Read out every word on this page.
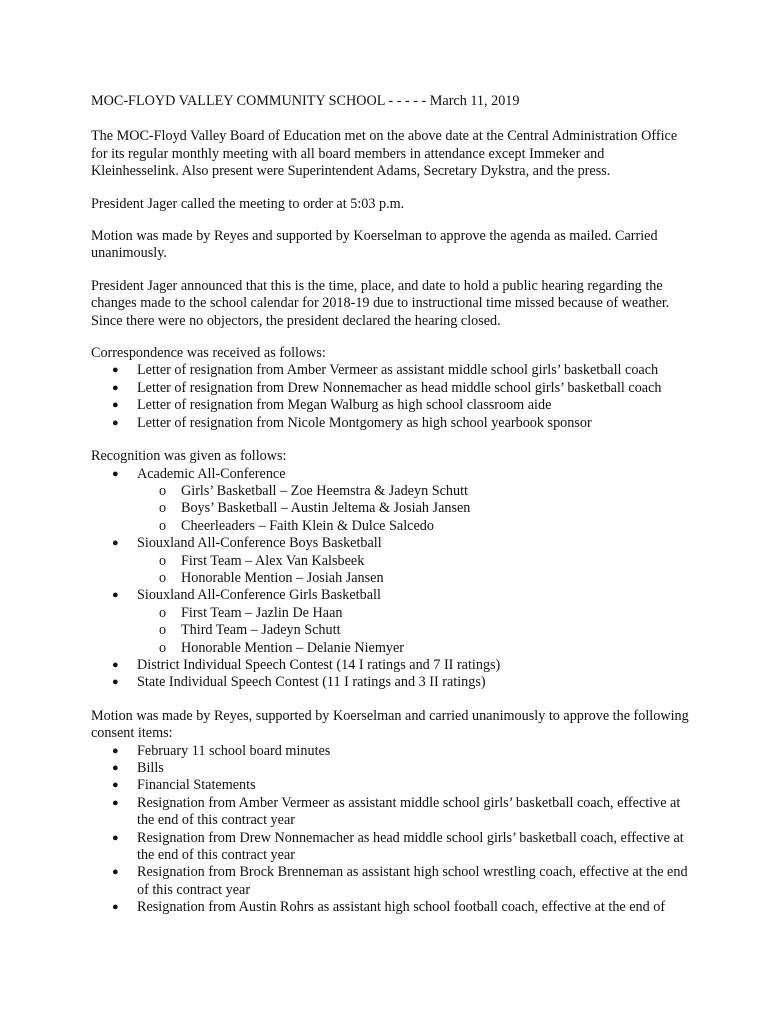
MOC-FLOYD VALLEY COMMUNITY SCHOOL - - - - - March 11, 2019

The MOC-Floyd Valley Board of Education met on the above date at the Central Administration Office for its regular monthly meeting with all board members in attendance except Immeker and Kleinhesselink. Also present were Superintendent Adams, Secretary Dykstra, and the press.

President Jager called the meeting to order at 5:03 p.m.

Motion was made by Reyes and supported by Koerselman to approve the agenda as mailed. Carried unanimously.

President Jager announced that this is the time, place, and date to hold a public hearing regarding the changes made to the school calendar for 2018-19 due to instructional time missed because of weather. Since there were no objectors, the president declared the hearing closed.

Correspondence was received as follows:
● Letter of resignation from Amber Vermeer as assistant middle school girls’ basketball coach
● Letter of resignation from Drew Nonnemacher as head middle school girls’ basketball coach
● Letter of resignation from Megan Walburg as high school classroom aide
● Letter of resignation from Nicole Montgomery as high school yearbook sponsor
Recognition was given as follows:
● Academic All-Conference
o Girls’ Basketball – Zoe Heemstra & Jadeyn Schutt
o Boys’ Basketball – Austin Jeltema & Josiah Jansen
o Cheerleaders – Faith Klein & Dulce Salcedo
● Siouxland All-Conference Boys Basketball
o First Team – Alex Van Kalsbeek
o Honorable Mention – Josiah Jansen
● Siouxland All-Conference Girls Basketball
o First Team – Jazlin De Haan
o Third Team – Jadeyn Schutt
o Honorable Mention – Delanie Niemyer
● District Individual Speech Contest (14 I ratings and 7 II ratings)
● State Individual Speech Contest (11 I ratings and 3 II ratings)
Motion was made by Reyes, supported by Koerselman and carried unanimously to approve the following consent items:
● February 11 school board minutes
● Bills
● Financial Statements
● Resignation from Amber Vermeer as assistant middle school girls’ basketball coach, effective at the end of this contract year
● Resignation from Drew Nonnemacher as head middle school girls’ basketball coach, effective at the end of this contract year
● Resignation from Brock Brenneman as assistant high school wrestling coach, effective at the end of this contract year
● Resignation from Austin Rohrs as assistant high school football coach, effective at the end of
